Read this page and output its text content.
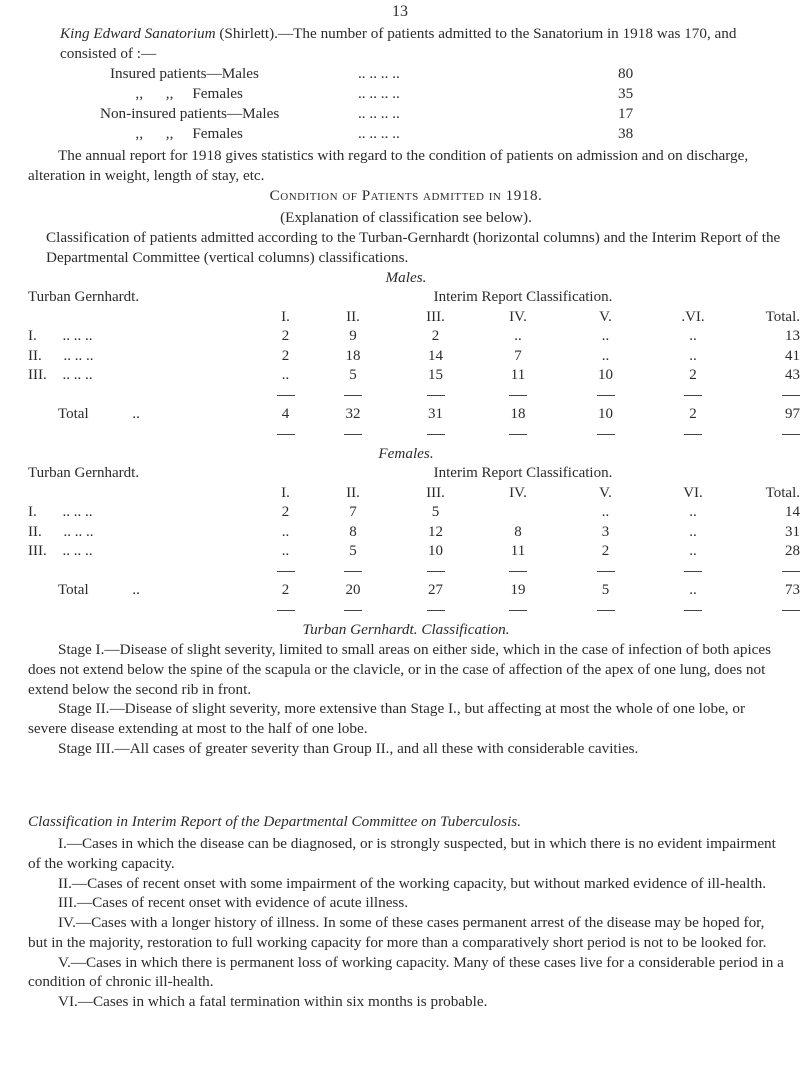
13

King Edward Sanatorium (Shirlett).—The number of patients admitted to the Sanatorium in 1918 was 170, and consisted of :—

Insured patients—Males	.. .. .. ..	80
,,      ,,     Females	.. .. .. ..	35
Non-insured patients—Males	.. .. .. ..	17
,,      ,,     Females	.. .. .. ..	38

The annual report for 1918 gives statistics with regard to the condition of patients on admission and on discharge, alteration in weight, length of stay, etc.

Condition of Patients admitted in 1918.
(Explanation of classification see below).

Classification of patients admitted according to the Turban-Gernhardt (horizontal columns) and the Interim Report of the Departmental Committee (vertical columns) classifications.

Males.
Turban Gernhardt.		Interim Report Classification.					
	I.	II.	III.	IV.	V.	.VI.	Total.
I. .. .. ..	2	9	2	..	..	..	13
II. .. .. ..	2	18	14	7	..	..	41
III. .. .. ..	..	5	15	11	10	2	43

Total ..	4	32	31	18	10	2	97

Females.
Turban Gernhardt.		Interim Report Classification.					
	I.	II.	III.	IV.	V.	VI.	Total.
I. .. .. ..	2	7	5		..	..	14
II. .. .. ..	..	8	12	8	3	..	31
III. .. .. ..	..	5	10	11	2	..	28

Total ..	2	20	27	19	5	..	73

Turban Gernhardt. Classification.

Stage I.—Disease of slight severity, limited to small areas on either side, which in the case of infection of both apices does not extend below the spine of the scapula or the clavicle, or in the case of affection of the apex of one lung, does not extend below the second rib in front.

Stage II.—Disease of slight severity, more extensive than Stage I., but affecting at most the whole of one lobe, or severe disease extending at most to the half of one lobe.

Stage III.—All cases of greater severity than Group II., and all these with considerable cavities.

Classification in Interim Report of the Departmental Committee on Tuberculosis.

I.—Cases in which the disease can be diagnosed, or is strongly suspected, but in which there is no evident impairment of the working capacity.

II.—Cases of recent onset with some impairment of the working capacity, but without marked evidence of ill-health.

III.—Cases of recent onset with evidence of acute illness.

IV.—Cases with a longer history of illness. In some of these cases permanent arrest of the disease may be hoped for, but in the majority, restoration to full working capacity for more than a comparatively short period is not to be looked for.

V.—Cases in which there is permanent loss of working capacity. Many of these cases live for a considerable period in a condition of chronic ill-health.

VI.—Cases in which a fatal termination within six months is probable.
